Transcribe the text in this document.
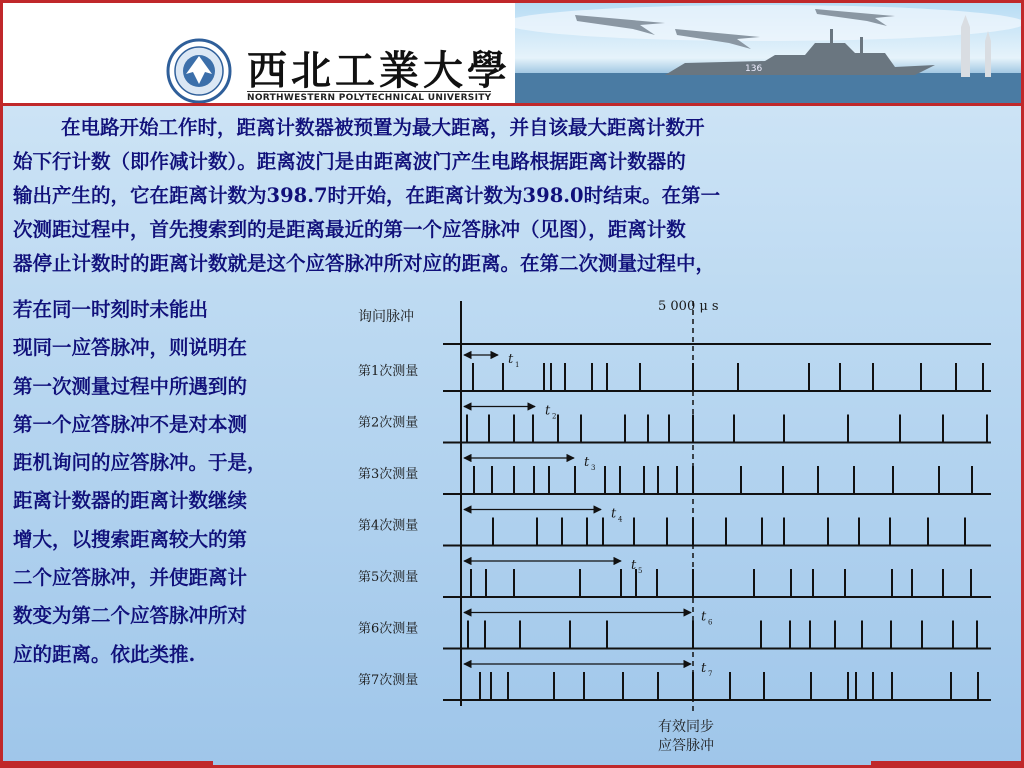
西北工業大學
NORTHWESTERN POLYTECHNICAL UNIVERSITY
136
在电路开始工作时，距离计数器被预置为最大距离，并自该最大距离计数开
始下行计数（即作减计数）。距离波门是由距离波门产生电路根据距离计数器的
输出产生的，它在距离计数为398.7时开始，在距离计数为398.0时结束。在第一
次测距过程中，首先搜索到的是距离最近的第一个应答脉冲（见图），距离计数
器停止计数时的距离计数就是这个应答脉冲所对应的距离。在第二次测量过程中，
若在同一时刻时未能出
现同一应答脉冲，则说明在
第一次测量过程中所遇到的
第一个应答脉冲不是对本测
距机询问的应答脉冲。于是，
距离计数器的距离计数继续
增大，以搜索距离较大的第
二个应答脉冲，并使距离计
数变为第二个应答脉冲所对
应的距离。依此类推.
询问脉冲
5 000 μ s
有效同步
应答脉冲
第1次测量
t 1
第2次测量
t 2
第3次测量
t 3
第4次测量
t 4
第5次测量
t 5
第6次测量
t 6
第7次测量
t 7
